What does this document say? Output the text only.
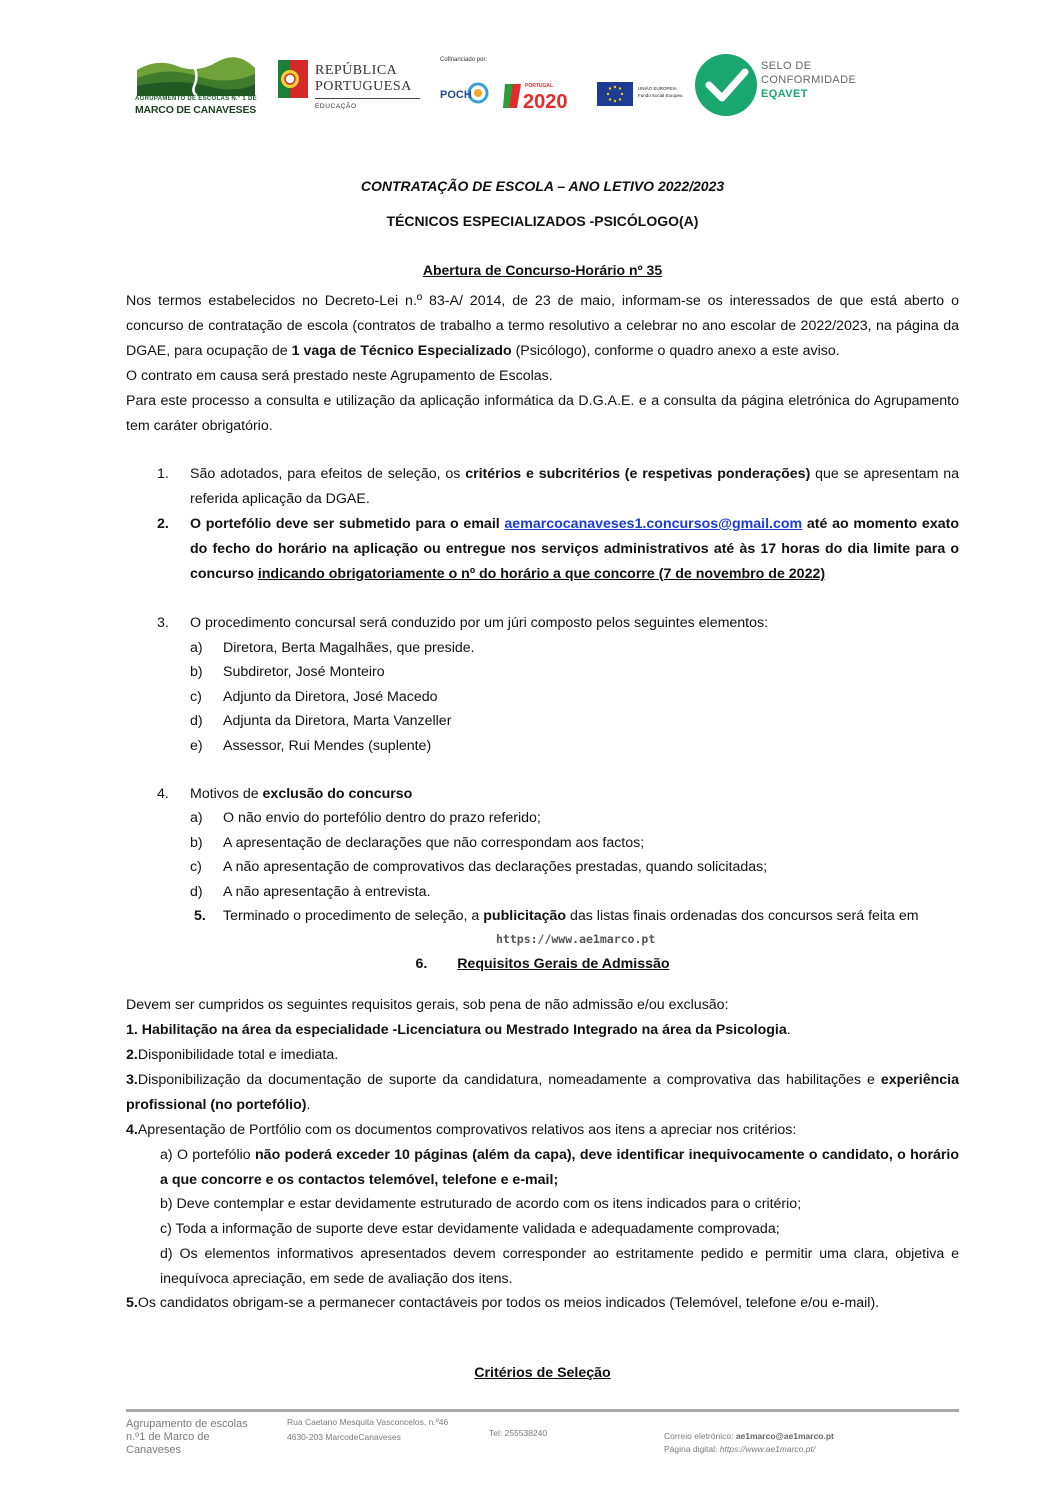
AGRUPAMENTO DE ESCOLAS N.º 1 DE
MARCO DE CANAVESES
REPÚBLICA
PORTUGUESA
EDUCAÇÃO
Cofinanciado por:
POCH
PORTUGAL
2020
UNIÃO EUROPEIA
Fundo Social Europeu
SELO DE
CONFORMIDADE
EQAVET
CONTRATAÇÃO DE ESCOLA – ANO LETIVO 2022/2023
TÉCNICOS ESPECIALIZADOS -PSICÓLOGO(A)
Abertura de Concurso-Horário nº 35
Nos termos estabelecidos no Decreto-Lei n.º 83-A/ 2014, de 23 de maio, informam-se os interessados de que está aberto o concurso de contratação de escola (contratos de trabalho a termo resolutivo a celebrar no ano escolar de 2022/2023, na página da DGAE, para ocupação de 1 vaga de Técnico Especializado (Psicólogo), conforme o quadro anexo a este aviso.
O contrato em causa será prestado neste Agrupamento de Escolas.
Para este processo a consulta e utilização da aplicação informática da D.G.A.E. e a consulta da página eletrónica do Agrupamento tem caráter obrigatório.
1. São adotados, para efeitos de seleção, os critérios e subcritérios (e respetivas ponderações) que se apresentam na referida aplicação da DGAE.
2. O portefólio deve ser submetido para o email aemarcocanaveses1.concursos@gmail.com até ao momento exato do fecho do horário na aplicação ou entregue nos serviços administrativos até às 17 horas do dia limite para o concurso indicando obrigatoriamente o nº do horário a que concorre (7 de novembro de 2022)
3. O procedimento concursal será conduzido por um júri composto pelos seguintes elementos:
a) Diretora, Berta Magalhães, que preside.
b) Subdiretor, José Monteiro
c) Adjunto da Diretora, José Macedo
d) Adjunta da Diretora, Marta Vanzeller
e) Assessor, Rui Mendes (suplente)
4. Motivos de exclusão do concurso
a) O não envio do portefólio dentro do prazo referido;
b) A apresentação de declarações que não correspondam aos factos;
c) A não apresentação de comprovativos das declarações prestadas, quando solicitadas;
d) A não apresentação à entrevista.
5. Terminado o procedimento de seleção, a publicitação das listas finais ordenadas dos concursos será feita em
https://www.ae1marco.pt
6. Requisitos Gerais de Admissão
Devem ser cumpridos os seguintes requisitos gerais, sob pena de não admissão e/ou exclusão:
1. Habilitação na área da especialidade -Licenciatura ou Mestrado Integrado na área da Psicologia.
2.Disponibilidade total e imediata.
3.Disponibilização da documentação de suporte da candidatura, nomeadamente a comprovativa das habilitações e experiência profissional (no portefólio).
4.Apresentação de Portfólio com os documentos comprovativos relativos aos itens a apreciar nos critérios:
a) O portefólio não poderá exceder 10 páginas (além da capa), deve identificar inequivocamente o candidato, o horário a que concorre e os contactos telemóvel, telefone e e-mail;
b) Deve contemplar e estar devidamente estruturado de acordo com os itens indicados para o critério;
c) Toda a informação de suporte deve estar devidamente validada e adequadamente comprovada;
d) Os elementos informativos apresentados devem corresponder ao estritamente pedido e permitir uma clara, objetiva e inequívoca apreciação, em sede de avaliação dos itens.
5.Os candidatos obrigam-se a permanecer contactáveis por todos os meios indicados (Telemóvel, telefone e/ou e-mail).
Critérios de Seleção
Agrupamento de escolas n.º1 de Marco de Canaveses
Rua Caetano Mesquita Vasconcelos, n.º46
4630-203 MarcodeCanaveses	Tel: 255538240	Correio eletrónico: ae1marco@ae1marco.pt
Página digital: https://www.ae1marco.pt/
